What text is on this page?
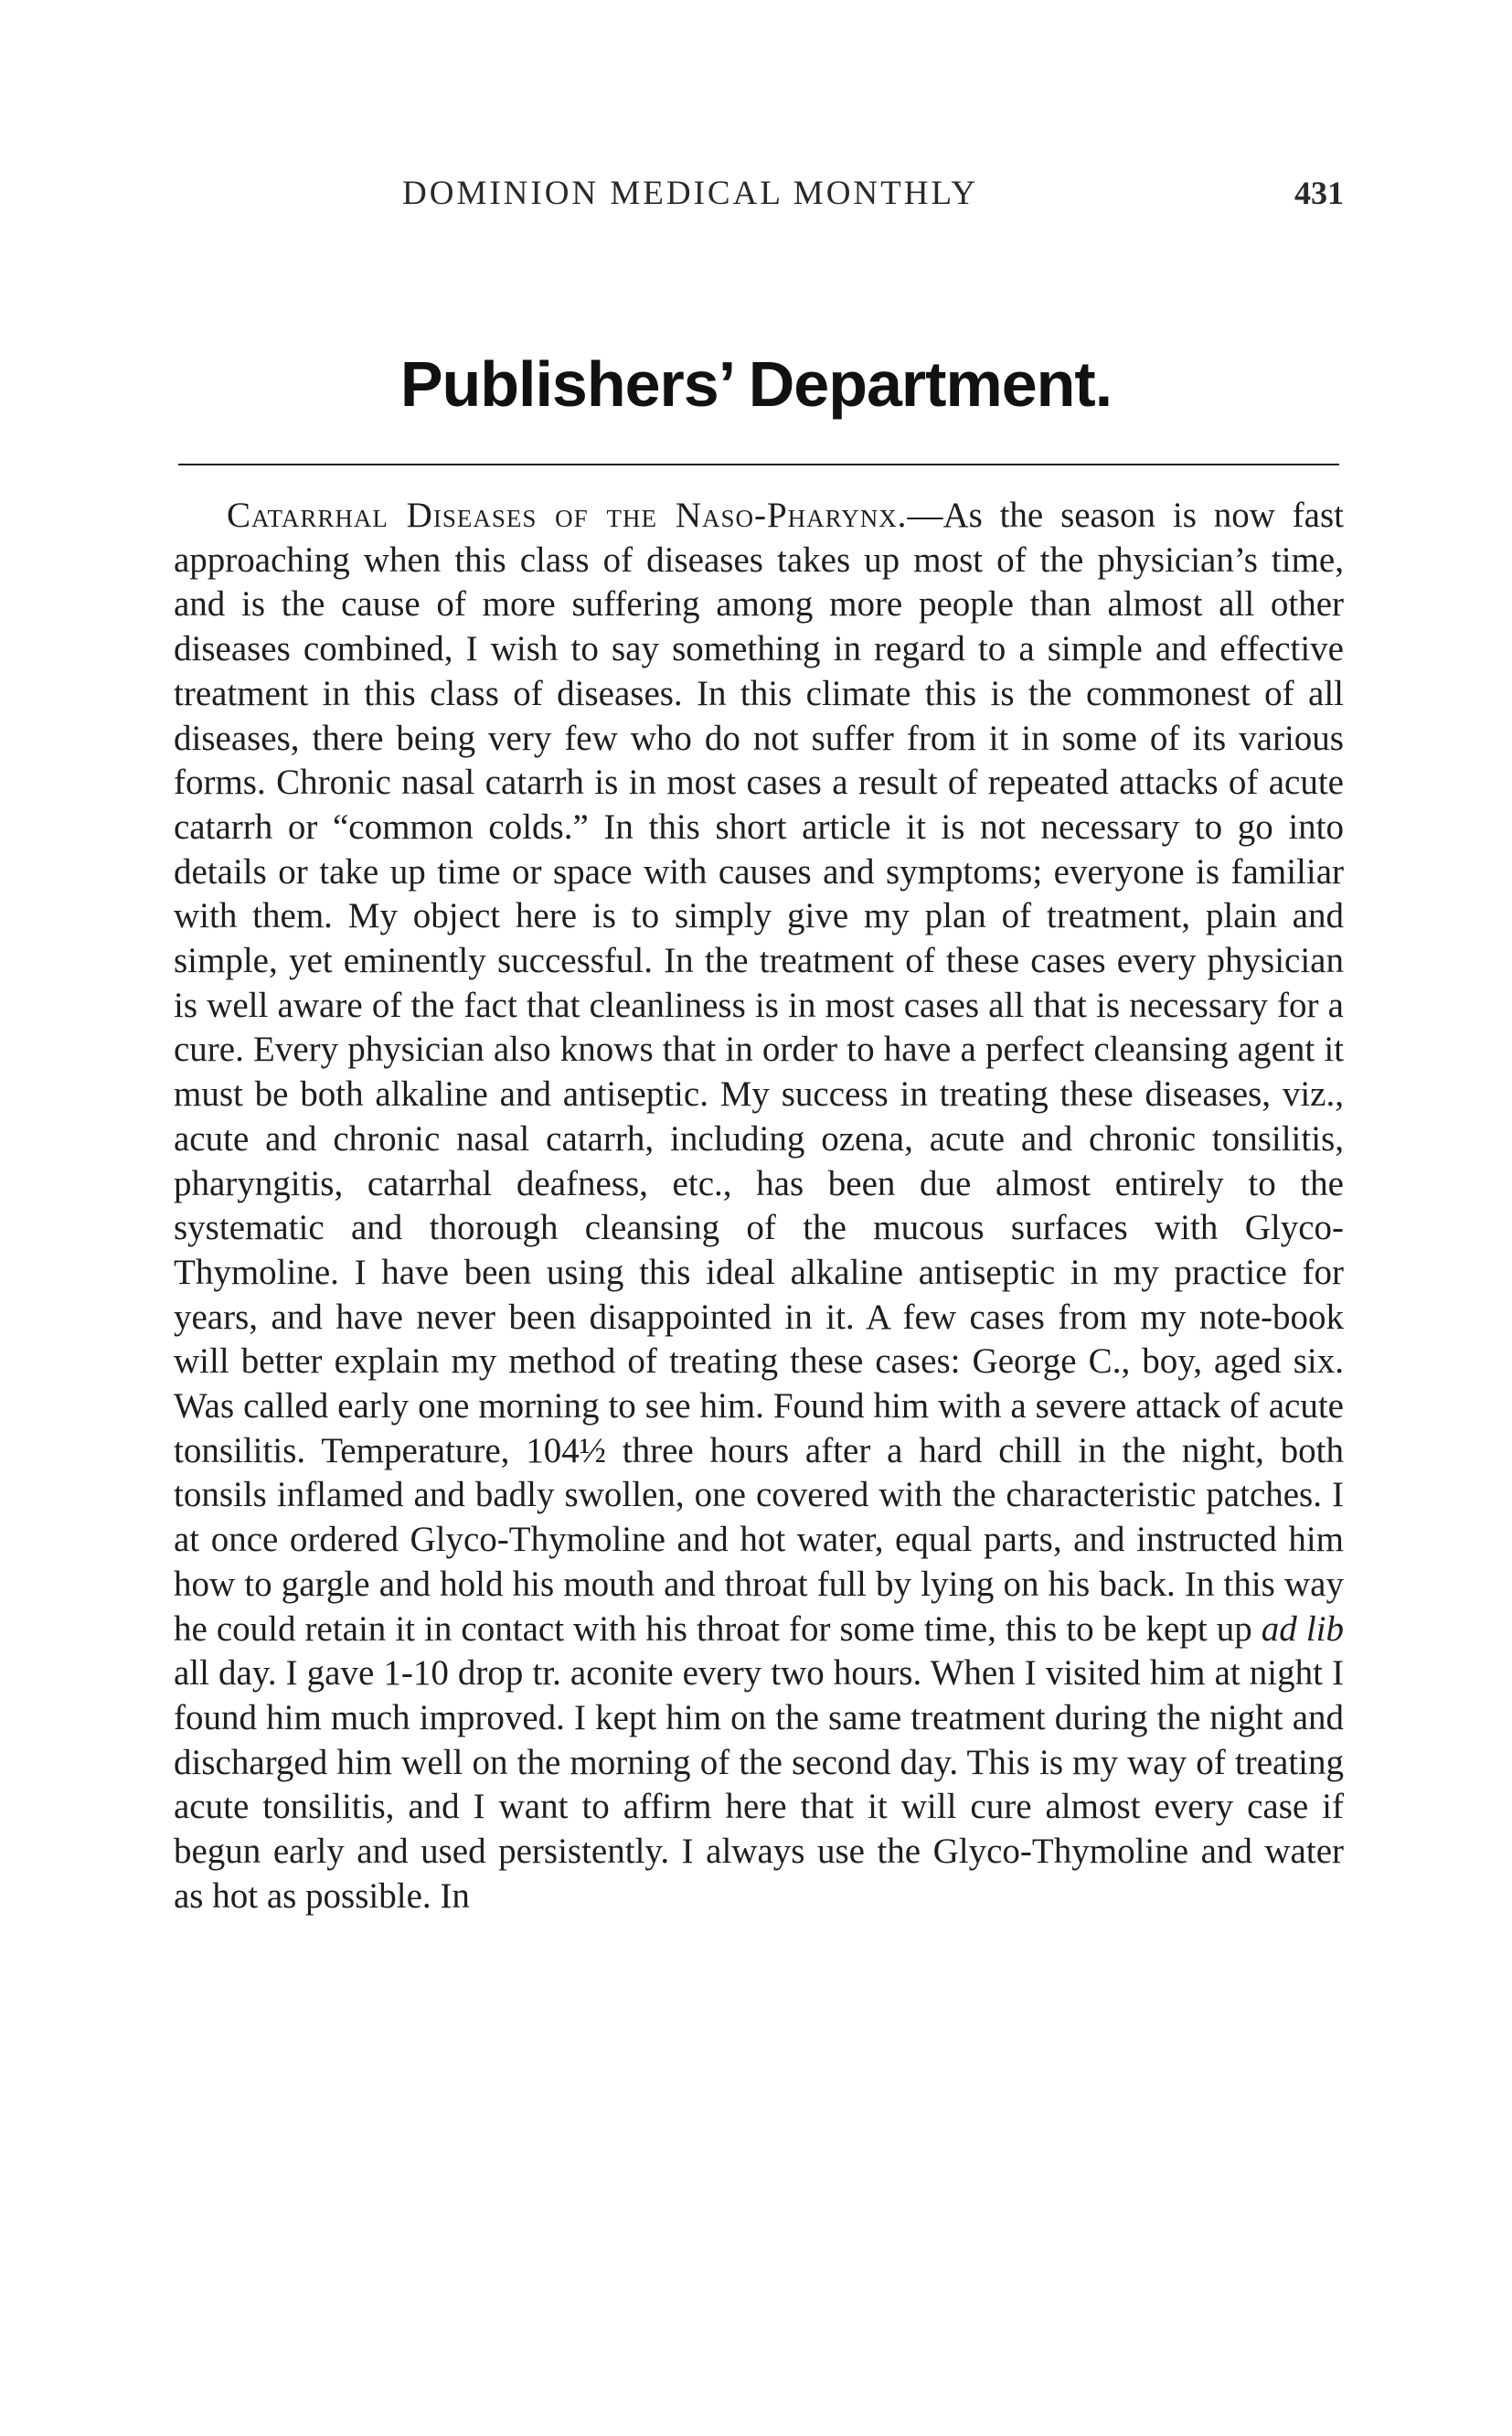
DOMINION MEDICAL MONTHLY	431
Publishers’ Department.

Catarrhal Diseases of the Naso-Pharynx.—As the season is now fast approaching when this class of diseases takes up most of the physician’s time, and is the cause of more suffering among more people than almost all other diseases combined, I wish to say something in regard to a simple and effective treatment in this class of diseases. In this climate this is the commonest of all diseases, there being very few who do not suffer from it in some of its various forms. Chronic nasal catarrh is in most cases a result of repeated attacks of acute catarrh or “common colds.” In this short article it is not necessary to go into details or take up time or space with causes and symptoms; everyone is familiar with them. My object here is to simply give my plan of treatment, plain and simple, yet eminently successful. In the treatment of these cases every physician is well aware of the fact that cleanliness is in most cases all that is necessary for a cure. Every physician also knows that in order to have a perfect cleansing agent it must be both alkaline and antiseptic. My success in treating these diseases, viz., acute and chronic nasal catarrh, including ozena, acute and chronic tonsilitis, pharyngitis, catarrhal deafness, etc., has been due almost entirely to the systematic and thorough cleansing of the mucous surfaces with Glyco-Thymoline. I have been using this ideal alkaline antiseptic in my practice for years, and have never been disappointed in it. A few cases from my note-book will better explain my method of treating these cases: George C., boy, aged six. Was called early one morning to see him. Found him with a severe attack of acute tonsilitis. Temperature, 104½ three hours after a hard chill in the night, both tonsils inflamed and badly swollen, one covered with the characteristic patches. I at once ordered Glyco-Thymoline and hot water, equal parts, and instructed him how to gargle and hold his mouth and throat full by lying on his back. In this way he could retain it in contact with his throat for some time, this to be kept up ad lib all day. I gave 1-10 drop tr. aconite every two hours. When I visited him at night I found him much improved. I kept him on the same treatment during the night and discharged him well on the morning of the second day. This is my way of treating acute tonsilitis, and I want to affirm here that it will cure almost every case if begun early and used persistently. I always use the Glyco-Thymoline and water as hot as possible. In
